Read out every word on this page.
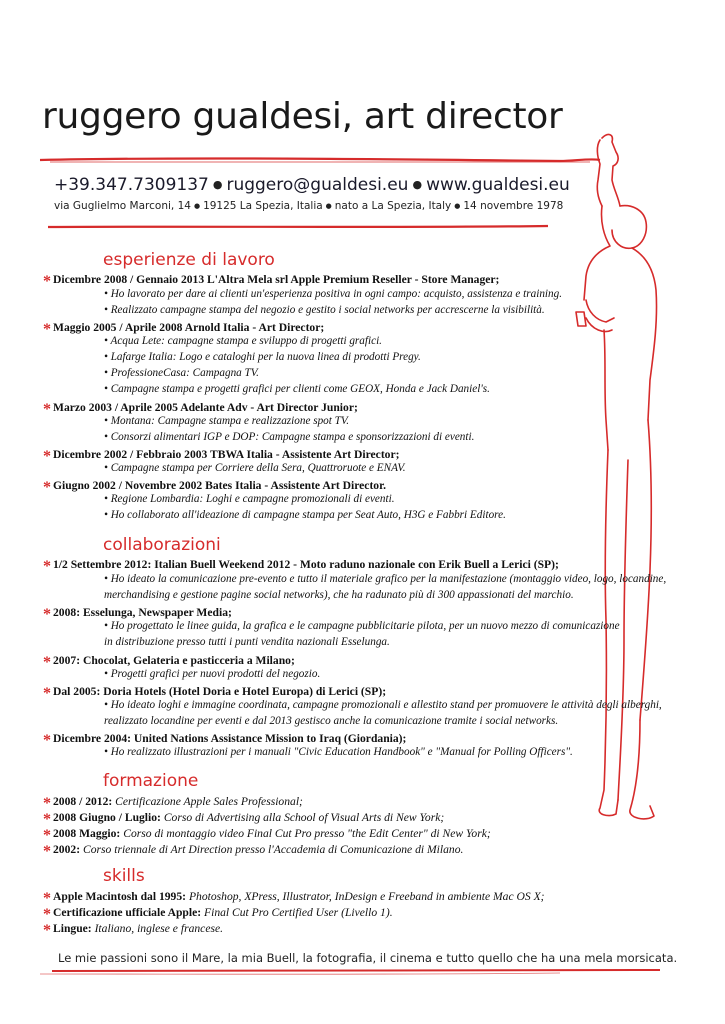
ruggero gualdesi, art director
+39.347.7309137 ● ruggero@gualdesi.eu ● www.gualdesi.eu
via Guglielmo Marconi, 14 ● 19125 La Spezia, Italia ● nato a La Spezia, Italy ● 14 novembre 1978
esperienze di lavoro
* Dicembre 2008 / Gennaio 2013 L'Altra Mela srl Apple Premium Reseller - Store Manager;
• Ho lavorato per dare ai clienti un'esperienza positiva in ogni campo: acquisto, assistenza e training.
• Realizzato campagne stampa del negozio e gestito i social networks per accrescerne la visibilità.
* Maggio 2005 / Aprile 2008 Arnold Italia - Art Director;
• Acqua Lete: campagne stampa e sviluppo di progetti grafici.
• Lafarge Italia: Logo e cataloghi per la nuova linea di prodotti Pregy.
• ProfessioneCasa: Campagna TV.
• Campagne stampa e progetti grafici per clienti come GEOX, Honda e Jack Daniel's.
* Marzo 2003 / Aprile 2005 Adelante Adv - Art Director Junior;
• Montana: Campagne stampa e realizzazione spot TV.
• Consorzi alimentari IGP e DOP: Campagne stampa e sponsorizzazioni di eventi.
* Dicembre 2002 / Febbraio 2003 TBWA Italia - Assistente Art Director;
• Campagne stampa per Corriere della Sera, Quattroruote e ENAV.
* Giugno 2002 / Novembre 2002 Bates Italia - Assistente Art Director.
• Regione Lombardia: Loghi e campagne promozionali di eventi.
• Ho collaborato all'ideazione di campagne stampa per Seat Auto, H3G e Fabbri Editore.
collaborazioni
* 1/2 Settembre 2012: Italian Buell Weekend 2012 - Moto raduno nazionale con Erik Buell a Lerici (SP);
• Ho ideato la comunicazione pre-evento e tutto il materiale grafico per la manifestazione (montaggio video, logo, locandine,
merchandising e gestione pagine social networks), che ha radunato più di 300 appassionati del marchio.
* 2008: Esselunga, Newspaper Media;
• Ho progettato le linee guida, la grafica e le campagne pubblicitarie pilota, per un nuovo mezzo di comunicazione
in distribuzione presso tutti i punti vendita nazionali Esselunga.
* 2007: Chocolat, Gelateria e pasticceria a Milano;
• Progetti grafici per nuovi prodotti del negozio.
* Dal 2005: Doria Hotels (Hotel Doria e Hotel Europa) di Lerici (SP);
• Ho ideato loghi e immagine coordinata, campagne promozionali e allestito stand per promuovere le attività degli alberghi,
realizzato locandine per eventi e dal 2013 gestisco anche la comunicazione tramite i social networks.
* Dicembre 2004: United Nations Assistance Mission to Iraq (Giordania);
• Ho realizzato illustrazioni per i manuali "Civic Education Handbook" e "Manual for Polling Officers".
formazione
* 2008 / 2012: Certificazione Apple Sales Professional;
* 2008 Giugno / Luglio: Corso di Advertising alla School of Visual Arts di New York;
* 2008 Maggio: Corso di montaggio video Final Cut Pro presso "the Edit Center" di New York;
* 2002: Corso triennale di Art Direction presso l'Accademia di Comunicazione di Milano.
skills
* Apple Macintosh dal 1995: Photoshop, XPress, Illustrator, InDesign e Freeband in ambiente Mac OS X;
* Certificazione ufficiale Apple: Final Cut Pro Certified User (Livello 1).
* Lingue: Italiano, inglese e francese.
Le mie passioni sono il Mare, la mia Buell, la fotografia, il cinema e tutto quello che ha una mela morsicata.
